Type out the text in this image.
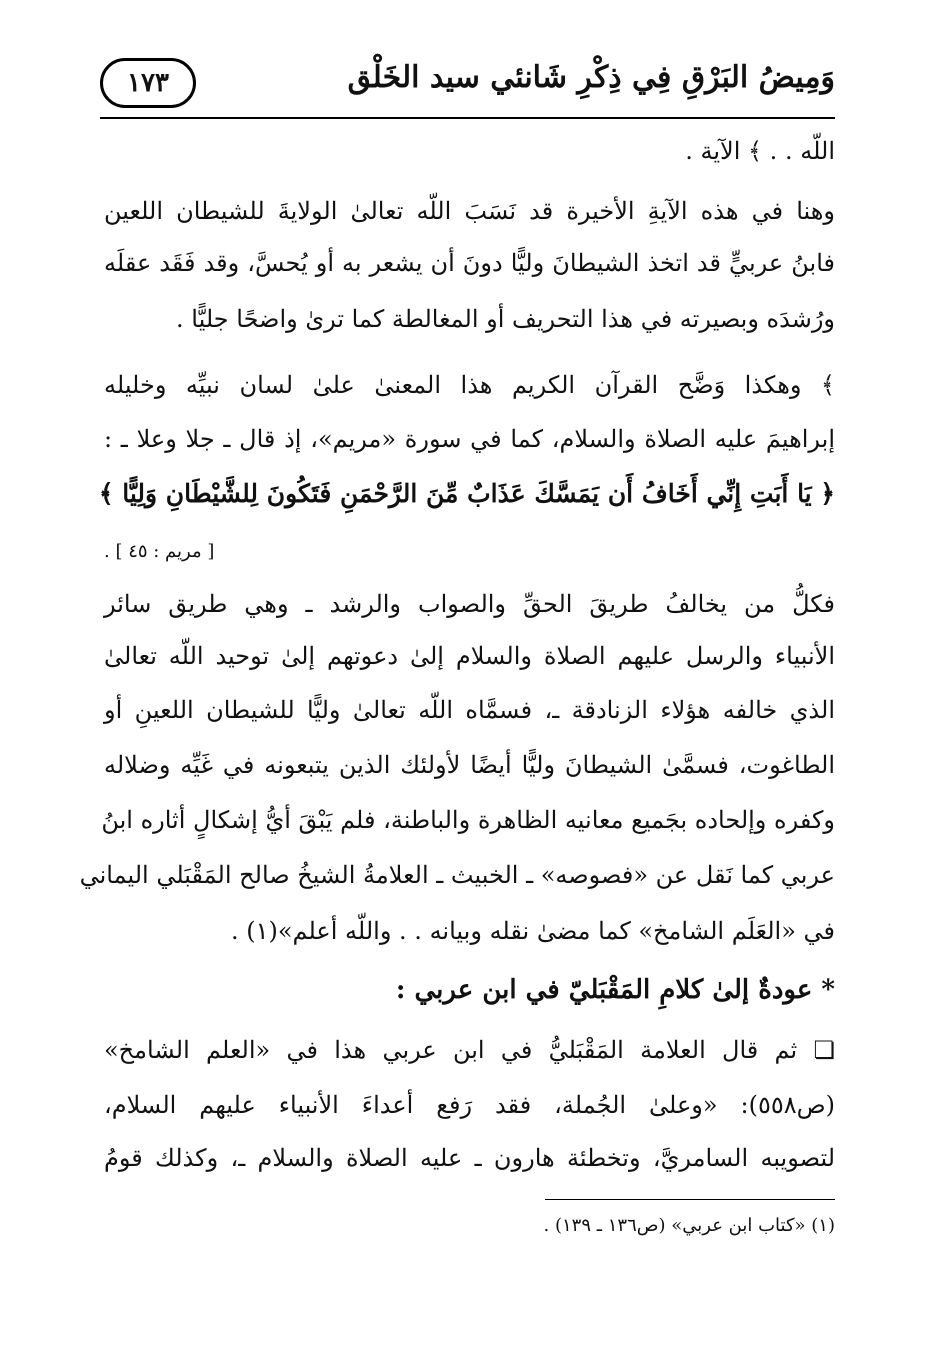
١٧٣	وَمِيضُ البَرْقِ فِي ذِكْرِ شَانئي سيد الخَلْق
اللّه . . ﴾ الآية .
وهنا في هذه الآيةِ الأخيرة قد نَسَبَ اللّه تعالىٰ الولايةَ للشيطان اللعين
فابنُ عربيٍّ قد اتخذ الشيطانَ وليًّا دونَ أن يشعر به أو يُحسَّ، وقد فَقَد عقلَه
ورُشدَه وبصيرته في هذا التحريف أو المغالطة كما ترىٰ واضحًا جليًّا .
﴾ وهكذا وَضَّح القرآن الكريم هذا المعنىٰ علىٰ لسان نبيِّه وخليله
إبراهيمَ عليه الصلاة والسلام، كما في سورة «مريم»، إذ قال ـ جلا وعلا ـ :
﴿ يَا أَبَتِ إِنِّي أَخَافُ أَن يَمَسَّكَ عَذَابٌ مِّنَ الرَّحْمَنِ فَتَكُونَ لِلشَّيْطَانِ وَلِيًّا ﴾
[ مريم : ٤٥ ] .
فكلُّ من يخالفُ طريقَ الحقِّ والصواب والرشد ـ وهي طريق سائر
الأنبياء والرسل عليهم الصلاة والسلام إلىٰ دعوتهم إلىٰ توحيد اللّه تعالىٰ
الذي خالفه هؤلاء الزنادقة ـ، فسمَّاه اللّه تعالىٰ وليًّا للشيطان اللعينِ أو
الطاغوت، فسمَّىٰ الشيطانَ وليًّا أيضًا لأولئك الذين يتبعونه في غَيِّه وضلاله
وكفره وإلحاده بجَميع معانيه الظاهرة والباطنة، فلم يَبْقَ أيُّ إشكالٍ أثاره ابنُ
عربي كما نَقل عن «فصوصه» ـ الخبيث ـ العلامةُ الشيخُ صالح المَقْبَلي اليماني
في «العَلَم الشامخ» كما مضىٰ نقله وبيانه . . واللّه أعلم»(١) .
* عودةٌ إلىٰ كلامِ المَقْبَليّ في ابن عربي :
❏ ثم قال العلامة المَقْبَليُّ في ابن عربي هذا في «العلم الشامخ»
(ص٥٥٨): «وعلىٰ الجُملة، فقد رَفع أعداءَ الأنبياء عليهم السلام،
لتصويبه السامريَّ، وتخطئة هارون ـ عليه الصلاة والسلام ـ، وكذلك قومُ
(١) «كتاب ابن عربي» (ص١٣٦ ـ ١٣٩) .
